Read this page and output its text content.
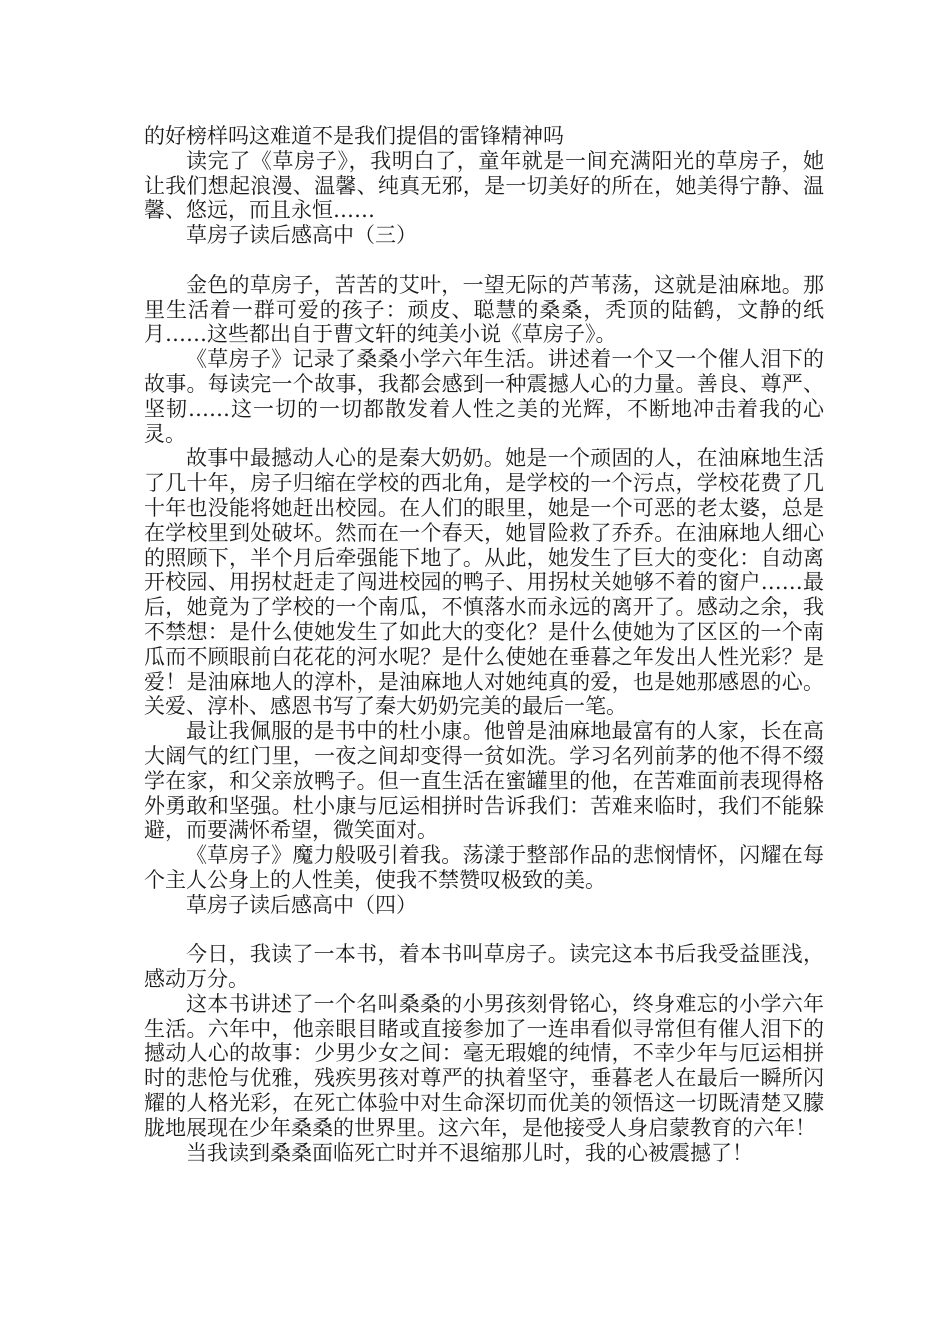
的好榜样吗这难道不是我们提倡的雷锋精神吗

读完了《草房子》，我明白了，童年就是一间充满阳光的草房子，她让我们想起浪漫、温馨、纯真无邪，是一切美好的所在，她美得宁静、温馨、悠远，而且永恒……

草房子读后感高中（三）

金色的草房子，苦苦的艾叶，一望无际的芦苇荡，这就是油麻地。那里生活着一群可爱的孩子：顽皮、聪慧的桑桑，秃顶的陆鹤，文静的纸月……这些都出自于曹文轩的纯美小说《草房子》。

《草房子》记录了桑桑小学六年生活。讲述着一个又一个催人泪下的故事。每读完一个故事，我都会感到一种震撼人心的力量。善良、尊严、坚韧……这一切的一切都散发着人性之美的光辉，不断地冲击着我的心灵。

故事中最撼动人心的是秦大奶奶。她是一个顽固的人，在油麻地生活了几十年，房子归缩在学校的西北角，是学校的一个污点，学校花费了几十年也没能将她赶出校园。在人们的眼里，她是一个可恶的老太婆，总是在学校里到处破坏。然而在一个春天，她冒险救了乔乔。在油麻地人细心的照顾下，半个月后牵强能下地了。从此，她发生了巨大的变化：自动离开校园、用拐杖赶走了闯进校园的鸭子、用拐杖关她够不着的窗户……最后，她竟为了学校的一个南瓜，不慎落水而永远的离开了。感动之余，我不禁想：是什么使她发生了如此大的变化？是什么使她为了区区的一个南瓜而不顾眼前白花花的河水呢？是什么使她在垂暮之年发出人性光彩？是爱！是油麻地人的淳朴，是油麻地人对她纯真的爱，也是她那感恩的心。关爱、淳朴、感恩书写了秦大奶奶完美的最后一笔。

最让我佩服的是书中的杜小康。他曾是油麻地最富有的人家，长在高大阔气的红门里，一夜之间却变得一贫如洗。学习名列前茅的他不得不缀学在家，和父亲放鸭子。但一直生活在蜜罐里的他，在苦难面前表现得格外勇敢和坚强。杜小康与厄运相拼时告诉我们：苦难来临时，我们不能躲避，而要满怀希望，微笑面对。

《草房子》魔力般吸引着我。荡漾于整部作品的悲悯情怀，闪耀在每个主人公身上的人性美，使我不禁赞叹极致的美。

草房子读后感高中（四）

今日，我读了一本书，着本书叫草房子。读完这本书后我受益匪浅，感动万分。

这本书讲述了一个名叫桑桑的小男孩刻骨铭心，终身难忘的小学六年生活。六年中，他亲眼目睹或直接参加了一连串看似寻常但有催人泪下的撼动人心的故事：少男少女之间：毫无瑕媲的纯情，不幸少年与厄运相拼时的悲怆与优雅，残疾男孩对尊严的执着坚守，垂暮老人在最后一瞬所闪耀的人格光彩，在死亡体验中对生命深切而优美的领悟这一切既清楚又朦胧地展现在少年桑桑的世界里。这六年，是他接受人身启蒙教育的六年！

当我读到桑桑面临死亡时并不退缩那儿时，我的心被震撼了！
